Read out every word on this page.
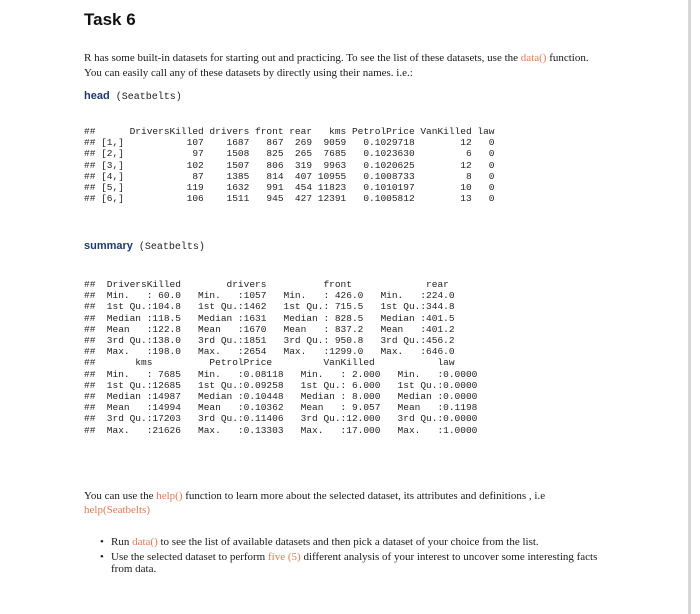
Task 6
R has some built-in datasets for starting out and practicing. To see the list of these datasets, use the data() function. You can easily call any of these datasets by directly using their names. i.e.:
head (Seatbelts)
##      DriversKilled drivers front rear   kms PetrolPrice VanKilled law
## [1,]           107    1687   867  269  9059   0.1029718        12   0
## [2,]            97    1508   825  265  7685   0.1023630         6   0
## [3,]           102    1507   806  319  9963   0.1020625        12   0
## [4,]            87    1385   814  407 10955   0.1008733         8   0
## [5,]           119    1632   991  454 11823   0.1010197        10   0
## [6,]           106    1511   945  427 12391   0.1005812        13   0
summary (Seatbelts)
##  DriversKilled        drivers          front             rear
##  Min.   : 60.0   Min.   :1057   Min.   : 426.0   Min.   :224.0
##  1st Qu.:104.8   1st Qu.:1462   1st Qu.: 715.5   1st Qu.:344.8
##  Median :118.5   Median :1631   Median : 828.5   Median :401.5
##  Mean   :122.8   Mean   :1670   Mean   : 837.2   Mean   :401.2
##  3rd Qu.:138.0   3rd Qu.:1851   3rd Qu.: 950.8   3rd Qu.:456.2
##  Max.   :198.0   Max.   :2654   Max.   :1299.0   Max.   :646.0
##       kms          PetrolPrice         VanKilled           law
##  Min.   : 7685   Min.   :0.08118   Min.   : 2.000   Min.   :0.0000
##  1st Qu.:12685   1st Qu.:0.09258   1st Qu.: 6.000   1st Qu.:0.0000
##  Median :14987   Median :0.10448   Median : 8.000   Median :0.0000
##  Mean   :14994   Mean   :0.10362   Mean   : 9.057   Mean   :0.1198
##  3rd Qu.:17203   3rd Qu.:0.11406   3rd Qu.:12.000   3rd Qu.:0.0000
##  Max.   :21626   Max.   :0.13303   Max.   :17.000   Max.   :1.0000
You can use the help() function to learn more about the selected dataset, its attributes and definitions , i.e
help(Seatbelts)
• Run data() to see the list of available datasets and then pick a dataset of your choice from the list.
• Use the selected dataset to perform five (5) different analysis of your interest to uncover some interesting facts from data.
